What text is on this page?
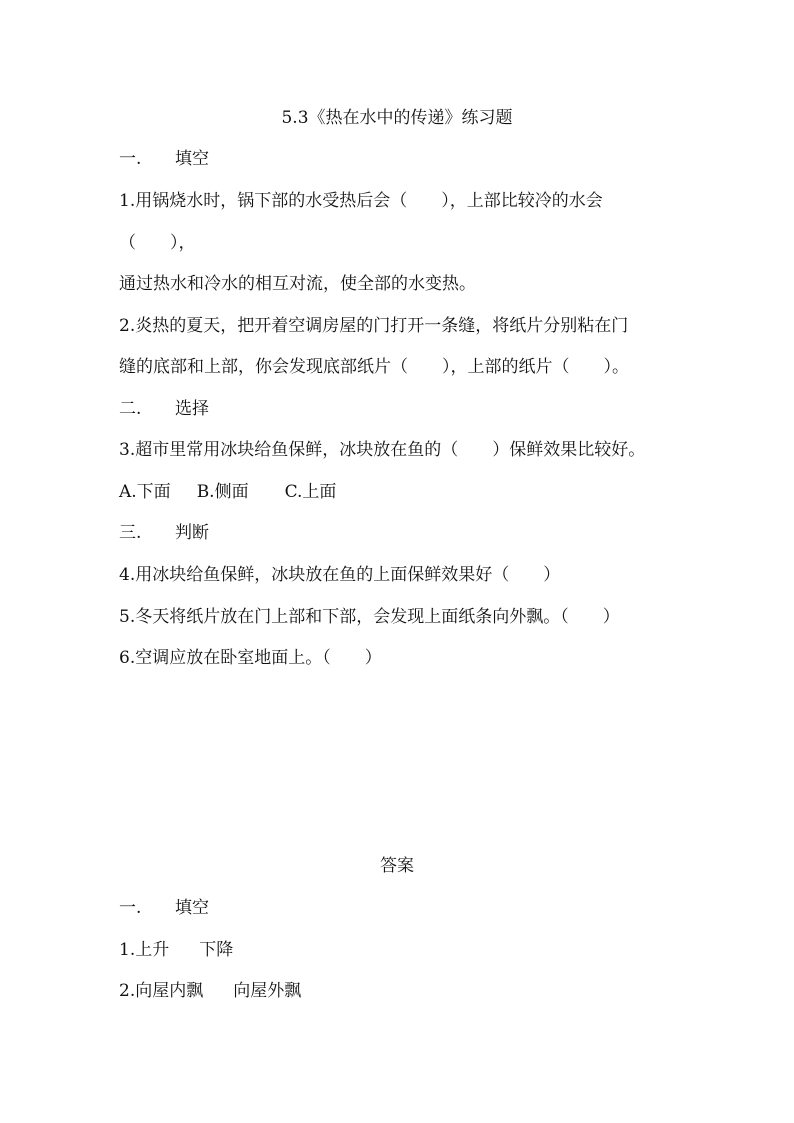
5.3《热在水中的传递》练习题
一. 填空
1.用锅烧水时，锅下部的水受热后会（　　），上部比较冷的水会
（　　），
通过热水和冷水的相互对流，使全部的水变热。
2.炎热的夏天，把开着空调房屋的门打开一条缝，将纸片分别粘在门
缝的底部和上部，你会发现底部纸片（　　），上部的纸片（　　）。
二. 选择
3.超市里常用冰块给鱼保鲜，冰块放在鱼的（　　）保鲜效果比较好。
A.下面 B.侧面 C.上面
三. 判断
4.用冰块给鱼保鲜，冰块放在鱼的上面保鲜效果好（　　）
5.冬天将纸片放在门上部和下部，会发现上面纸条向外飘。（　　）
6.空调应放在卧室地面上。（　　）
答案
一. 填空
1.上升 下降
2.向屋内飘 向屋外飘
